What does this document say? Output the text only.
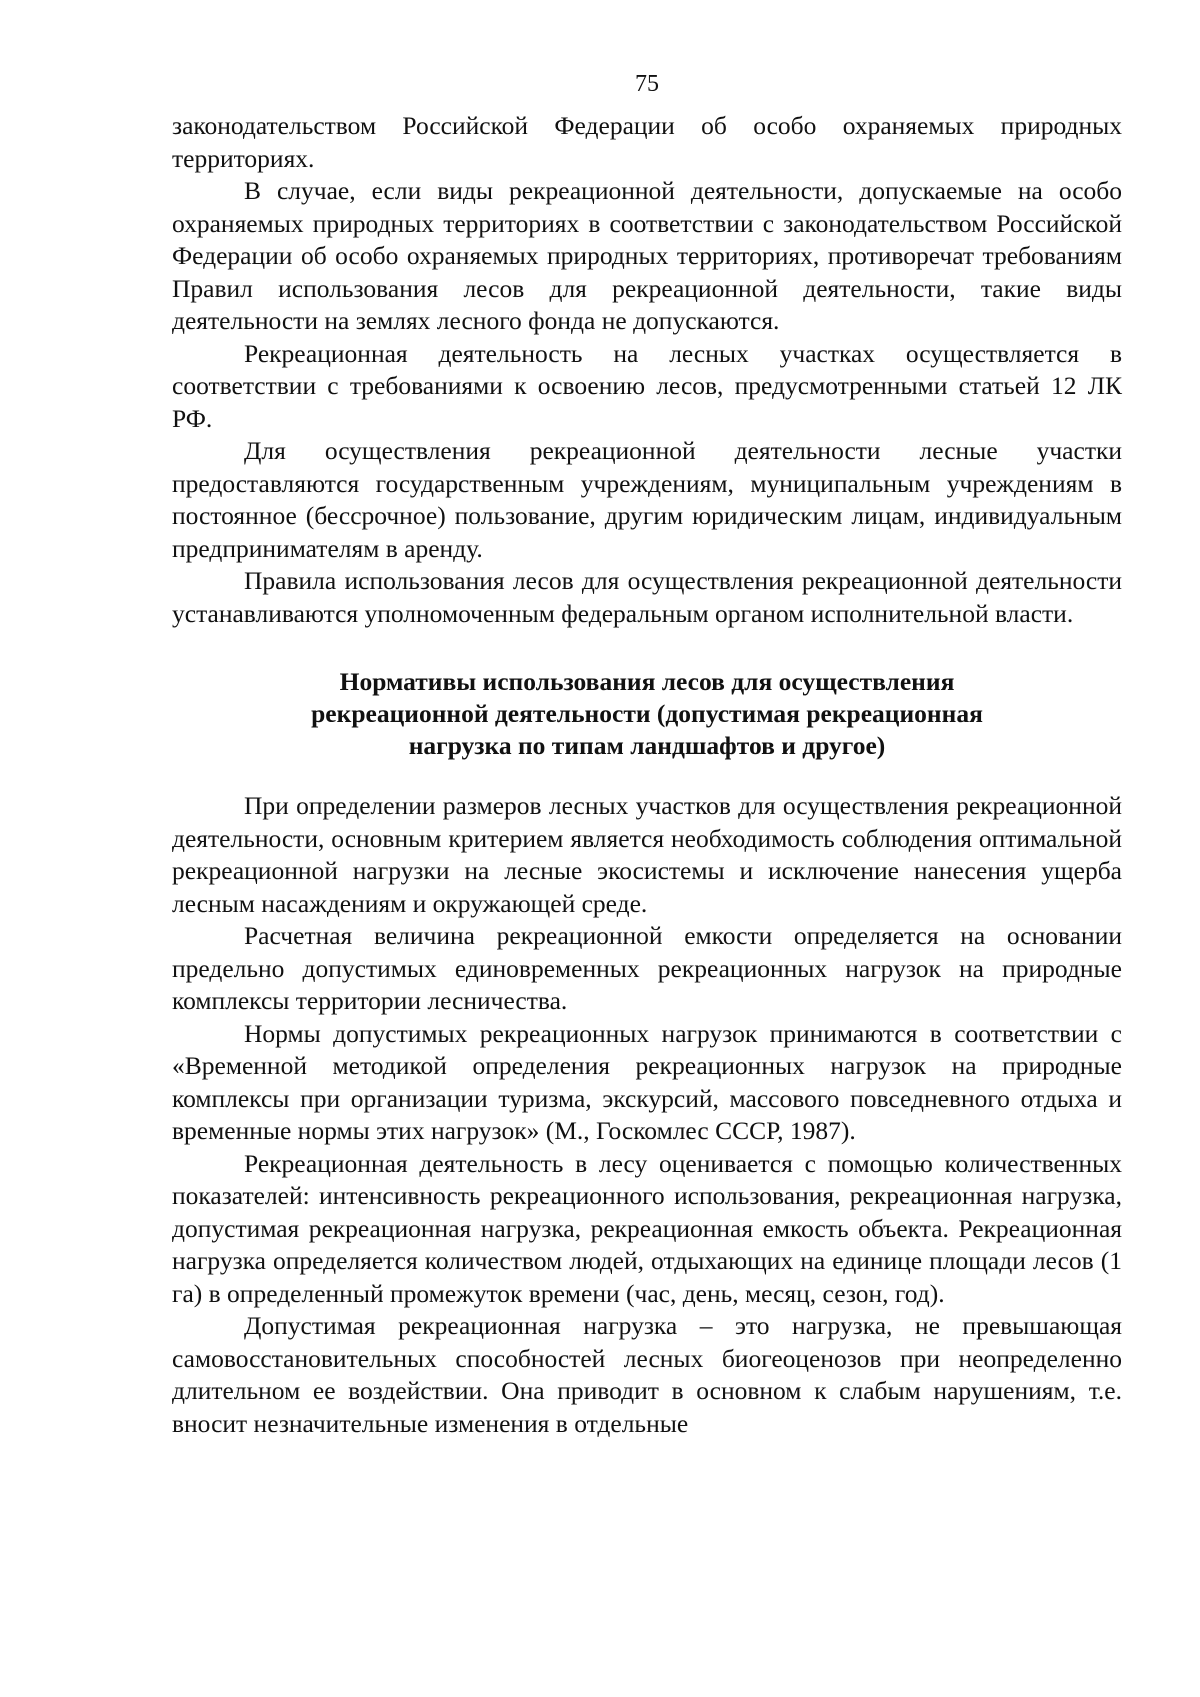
75

законодательством Российской Федерации об особо охраняемых природных территориях.

В случае, если виды рекреационной деятельности, допускаемые на особо охраняемых природных территориях в соответствии с законодательством Российской Федерации об особо охраняемых природных территориях, противоречат требованиям Правил использования лесов для рекреационной деятельности, такие виды деятельности на землях лесного фонда не допускаются.

Рекреационная деятельность на лесных участках осуществляется в соответствии с требованиями к освоению лесов, предусмотренными статьей 12 ЛК РФ.

Для осуществления рекреационной деятельности лесные участки предоставляются государственным учреждениям, муниципальным учреждениям в постоянное (бессрочное) пользование, другим юридическим лицам, индивидуальным предпринимателям в аренду.

Правила использования лесов для осуществления рекреационной деятельности устанавливаются уполномоченным федеральным органом исполнительной власти.

Нормативы использования лесов для осуществления
рекреационной деятельности (допустимая рекреационная
нагрузка по типам ландшафтов и другое)

При определении размеров лесных участков для осуществления рекреационной деятельности, основным критерием является необходимость соблюдения оптимальной рекреационной нагрузки на лесные экосистемы и исключение нанесения ущерба лесным насаждениям и окружающей среде.

Расчетная величина рекреационной емкости определяется на основании предельно допустимых единовременных рекреационных нагрузок на природные комплексы территории лесничества.

Нормы допустимых рекреационных нагрузок принимаются в соответствии с «Временной методикой определения рекреационных нагрузок на природные комплексы при организации туризма, экскурсий, массового повседневного отдыха и временные нормы этих нагрузок» (М., Госкомлес СССР, 1987).

Рекреационная деятельность в лесу оценивается с помощью количественных показателей: интенсивность рекреационного использования, рекреационная нагрузка, допустимая рекреационная нагрузка, рекреационная емкость объекта. Рекреационная нагрузка определяется количеством людей, отдыхающих на единице площади лесов (1 га) в определенный промежуток времени (час, день, месяц, сезон, год).

Допустимая рекреационная нагрузка – это нагрузка, не превышающая самовосстановительных способностей лесных биогеоценозов при неопределенно длительном ее воздействии. Она приводит в основном к слабым нарушениям, т.е. вносит незначительные изменения в отдельные
